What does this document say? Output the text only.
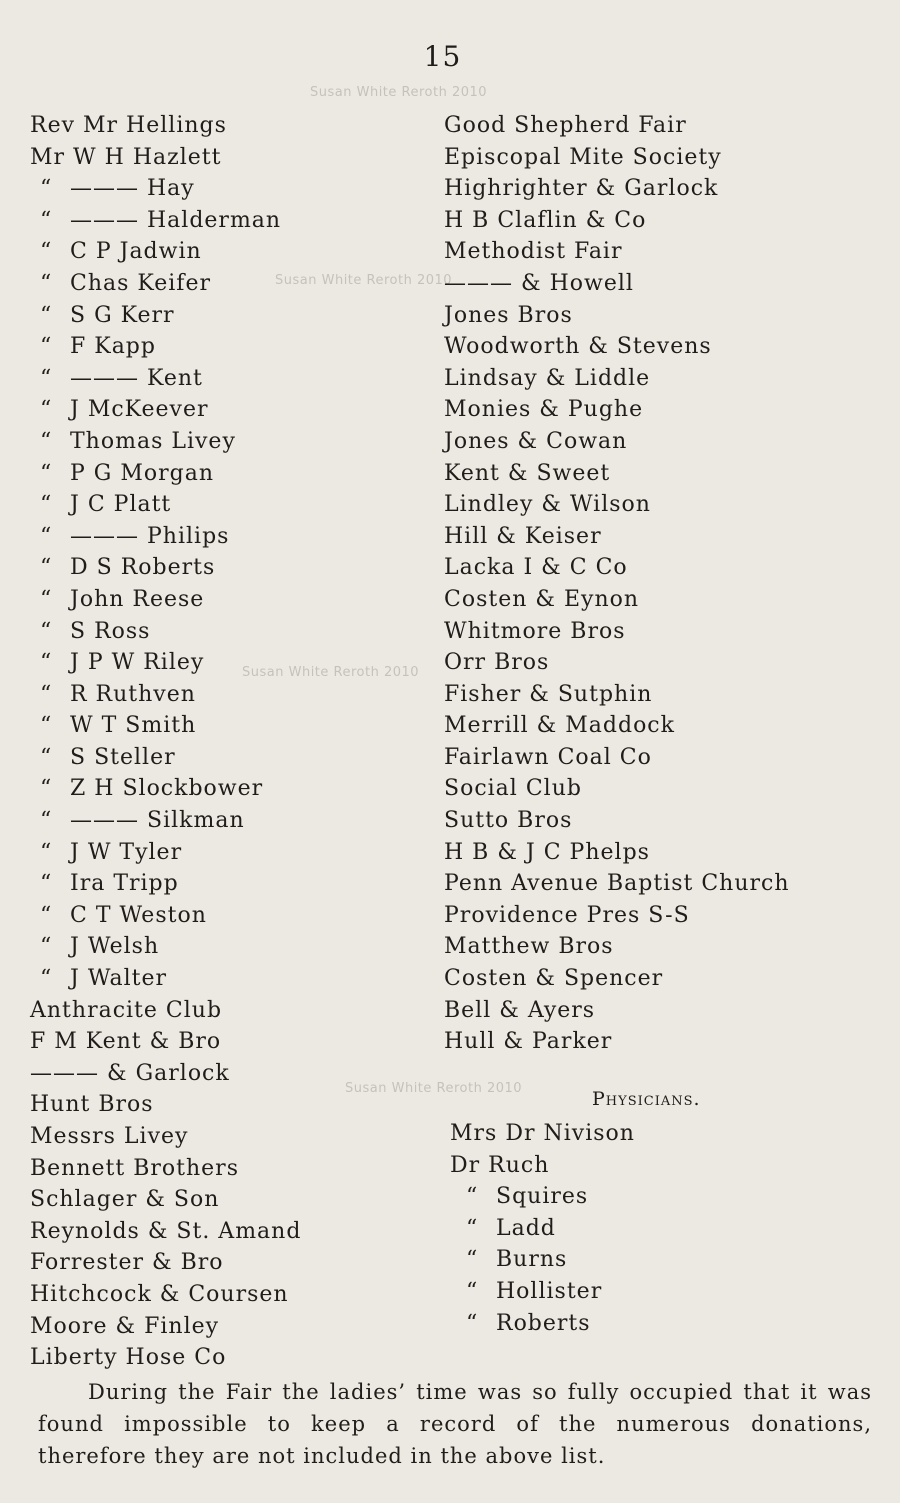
15
Susan White Reroth 2010
Susan White Reroth 2010
Susan White Reroth 2010
Susan White Reroth 2010
Rev Mr Hellings
Mr W H Hazlett
“ ——— Hay
“ ——— Halderman
“ C P Jadwin
“ Chas Keifer
“ S G Kerr
“ F Kapp
“ ——— Kent
“ J McKeever
“ Thomas Livey
“ P G Morgan
“ J C Platt
“ ——— Philips
“ D S Roberts
“ John Reese
“ S Ross
“ J P W Riley
“ R Ruthven
“ W T Smith
“ S Steller
“ Z H Slockbower
“ ——— Silkman
“ J W Tyler
“ Ira Tripp
“ C T Weston
“ J Welsh
“ J Walter
Anthracite Club
F M Kent & Bro
——— & Garlock
Hunt Bros
Messrs Livey
Bennett Brothers
Schlager & Son
Reynolds & St. Amand
Forrester & Bro
Hitchcock & Coursen
Moore & Finley
Liberty Hose Co
Good Shepherd Fair
Episcopal Mite Society
Highrighter & Garlock
H B Claflin & Co
Methodist Fair
——— & Howell
Jones Bros
Woodworth & Stevens
Lindsay & Liddle
Monies & Pughe
Jones & Cowan
Kent & Sweet
Lindley & Wilson
Hill & Keiser
Lacka I & C Co
Costen & Eynon
Whitmore Bros
Orr Bros
Fisher & Sutphin
Merrill & Maddock
Fairlawn Coal Co
Social Club
Sutto Bros
H B & J C Phelps
Penn Avenue Baptist Church
Providence Pres S-S
Matthew Bros
Costen & Spencer
Bell & Ayers
Hull & Parker
Physicians.
Mrs Dr Nivison
Dr Ruch
“ Squires
“ Ladd
“ Burns
“ Hollister
“ Roberts

During the Fair the ladies’ time was so fully occupied that it was found impossible to keep a record of the numerous donations, therefore they are not included in the above list.
